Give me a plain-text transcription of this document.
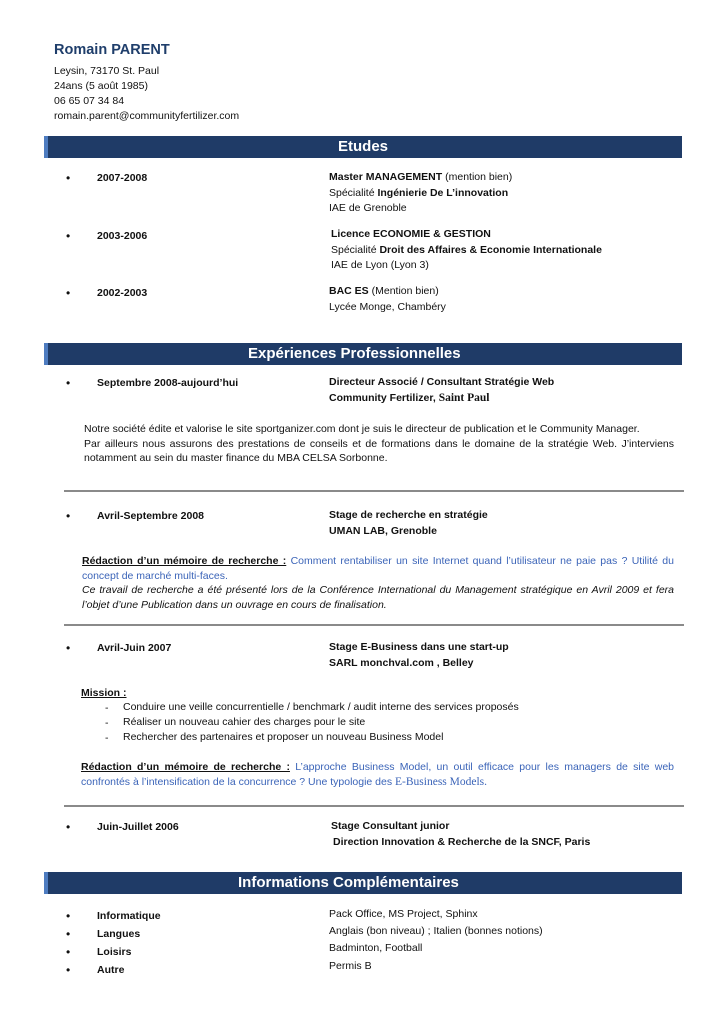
Romain PARENT
Leysin, 73170 St. Paul
24ans (5 août 1985)
06 65 07 34 84
romain.parent@communityfertilizer.com
Etudes
•	2007-2008	Master MANAGEMENT (mention bien)
Spécialité Ingénierie De L’innovation
IAE de Grenoble
•	2003-2006	Licence ECONOMIE & GESTION
Spécialité Droit des Affaires & Economie Internationale
IAE de Lyon (Lyon 3)
•	2002-2003	BAC ES (Mention bien)
Lycée Monge, Chambéry
Expériences Professionnelles
•	Septembre 2008-aujourd’hui	Directeur Associé / Consultant Stratégie Web
Community Fertilizer, Saint Paul
Notre société édite et valorise le site sportganizer.com dont je suis le directeur de publication et le Community Manager.
Par ailleurs nous assurons des prestations de conseils et de formations dans le domaine de la stratégie Web. J’interviens notamment au sein du master finance du MBA CELSA Sorbonne.
•	Avril-Septembre 2008	Stage de recherche en stratégie
UMAN LAB, Grenoble
Rédaction d’un mémoire de recherche : Comment rentabiliser un site Internet quand l’utilisateur ne paie pas ? Utilité du concept de marché multi-faces.
Ce travail de recherche a été présenté lors de la Conférence International du Management stratégique en Avril 2009 et fera l’objet d’une Publication dans un ouvrage en cours de finalisation.
•	Avril-Juin 2007	Stage E-Business dans une start-up
SARL monchval.com , Belley
Mission :
- Conduire une veille concurrentielle / benchmark / audit interne des services proposés
- Réaliser un nouveau cahier des charges pour le site
- Rechercher des partenaires et proposer un nouveau Business Model
Rédaction d’un mémoire de recherche : L’approche Business Model, un outil efficace pour les managers de site web confrontés à l’intensification de la concurrence ? Une typologie des E-Business Models.
•	Juin-Juillet 2006	Stage Consultant junior
Direction Innovation & Recherche de la SNCF, Paris
Informations Complémentaires
•	Informatique	Pack Office, MS Project, Sphinx
•	Langues	Anglais (bon niveau) ; Italien (bonnes notions)
•	Loisirs	Badminton, Football
•	Autre	Permis B
